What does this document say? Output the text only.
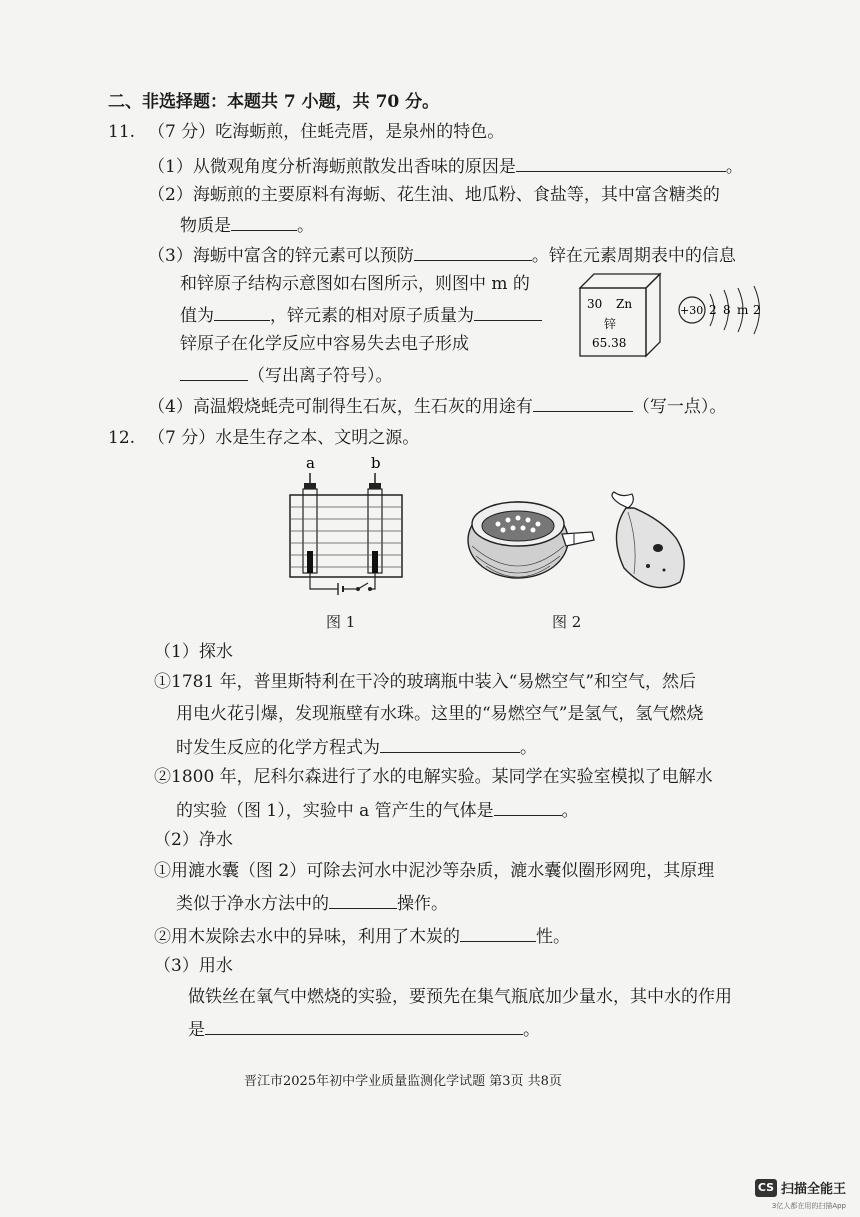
二、非选择题：本题共 7 小题，共 70 分。
11. （7 分）吃海蛎煎，住蚝壳厝，是泉州的特色。
（1）从微观角度分析海蛎煎散发出香味的原因是	。
（2）海蛎煎的主要原料有海蛎、花生油、地瓜粉、食盐等，其中富含糖类的
物质是	。
（3）海蛎中富含的锌元素可以预防	。锌在元素周期表中的信息
和锌原子结构示意图如右图所示，则图中 m 的
值为	，锌元素的相对原子质量为
锌原子在化学反应中容易失去电子形成
（写出离子符号）。
30 Zn
锌
65.38
+30 2 8 m 2
（4）高温煅烧蚝壳可制得生石灰，生石灰的用途有	（写一点）。
12. （7 分）水是生存之本、文明之源。
a	b
图 1	图 2
（1）探水
①1781 年，普里斯特利在干冷的玻璃瓶中装入“易燃空气”和空气，然后
用电火花引爆，发现瓶壁有水珠。这里的“易燃空气”是氢气，氢气燃烧
时发生反应的化学方程式为	。
②1800 年，尼科尔森进行了水的电解实验。某同学在实验室模拟了电解水
的实验（图 1），实验中 a 管产生的气体是	。
（2）净水
①用漉水囊（图 2）可除去河水中泥沙等杂质，漉水囊似圈形网兜，其原理
类似于净水方法中的	操作。
②用木炭除去水中的异味，利用了木炭的	性。
（3）用水
做铁丝在氧气中燃烧的实验，要预先在集气瓶底加少量水，其中水的作用
是	。
晋江市2025年初中学业质量监测化学试题 第3页 共8页
CS 扫描全能王
3亿人都在用的扫描App
